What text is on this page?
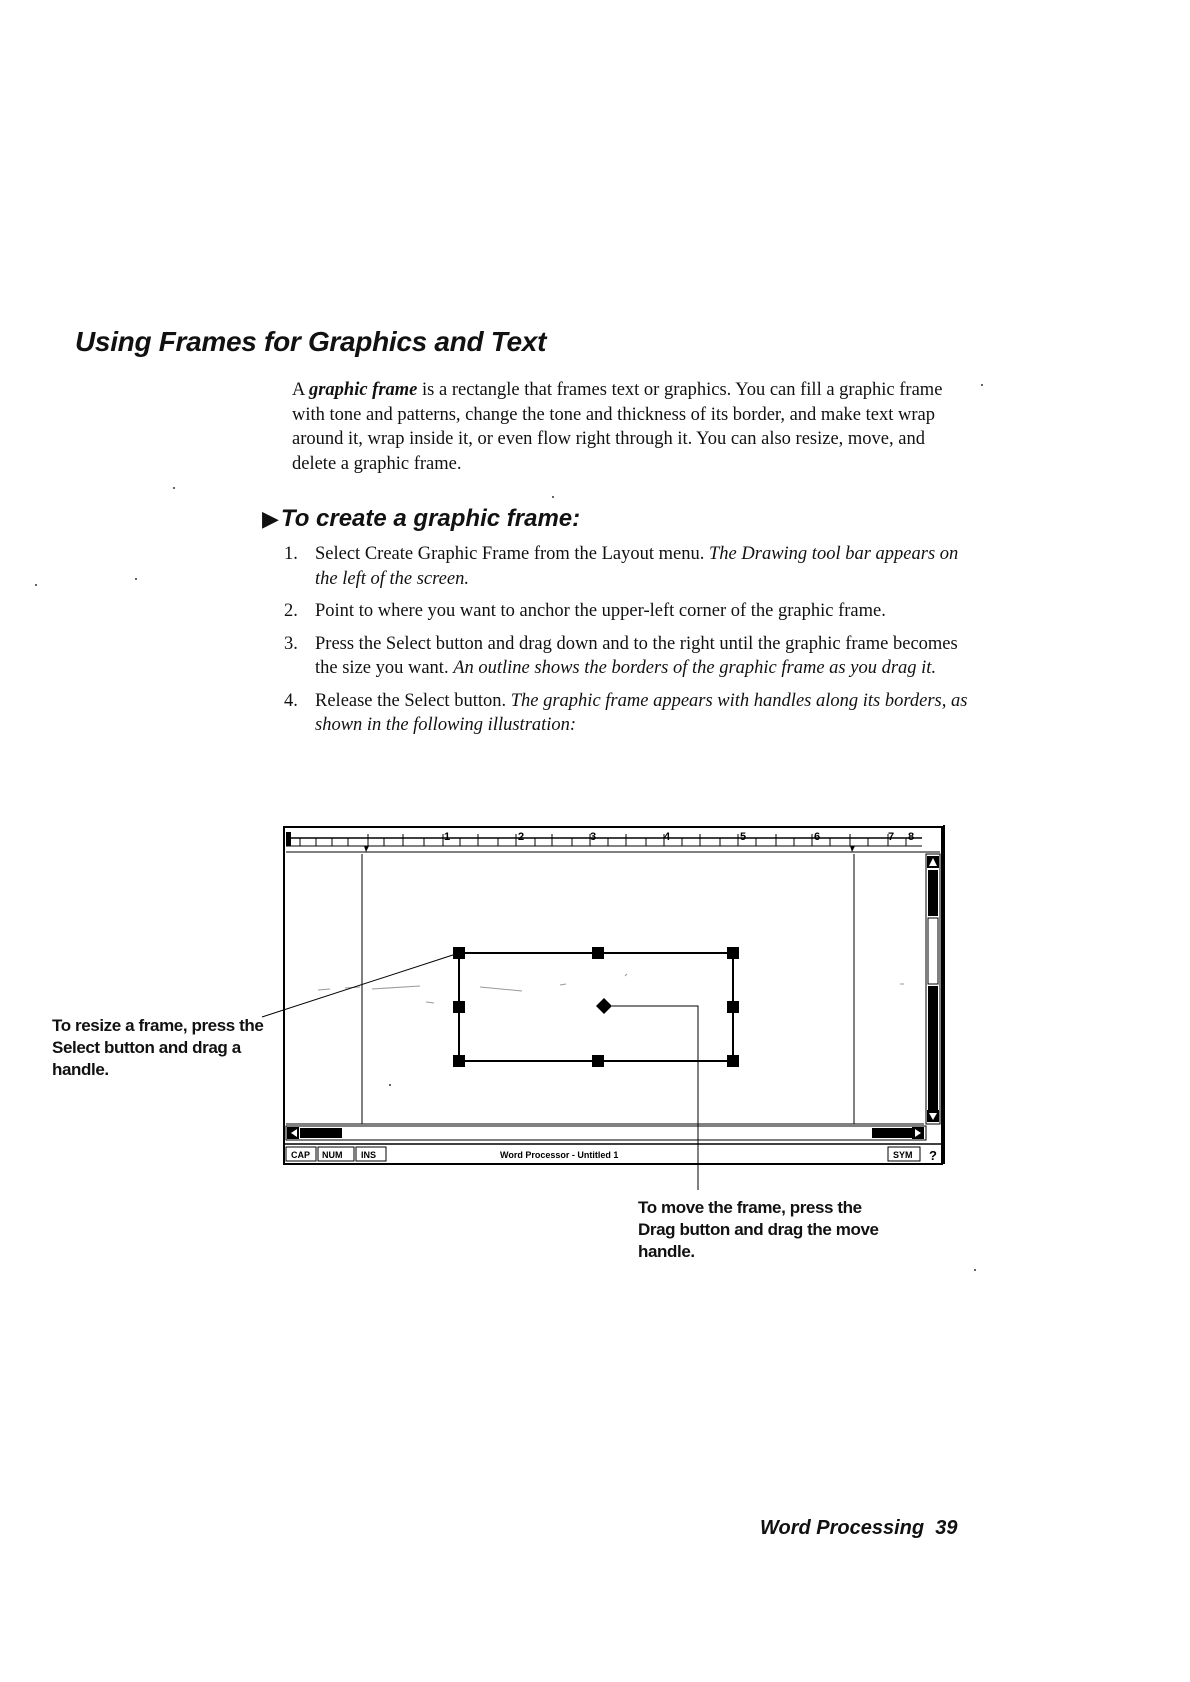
Using Frames for Graphics and Text

A graphic frame is a rectangle that frames text or graphics. You can fill a graphic frame with tone and patterns, change the tone and thickness of its border, and make text wrap around it, wrap inside it, or even flow right through it. You can also resize, move, and delete a graphic frame.

▶ To create a graphic frame:
1. Select Create Graphic Frame from the Layout menu. The Drawing tool bar appears on the left of the screen.
2. Point to where you want to anchor the upper-left corner of the graphic frame.
3. Press the Select button and drag down and to the right until the graphic frame becomes the size you want. An outline shows the borders of the graphic frame as you drag it.
4. Release the Select button. The graphic frame appears with handles along its borders, as shown in the following illustration:
1	2	3	4	5	6	7 8
CAP NUM INS	Word Processor - Untitled 1	SYM ?
To resize a frame, press the Select button and drag a handle.
To move the frame, press the Drag button and drag the move handle.
Word Processing 39
